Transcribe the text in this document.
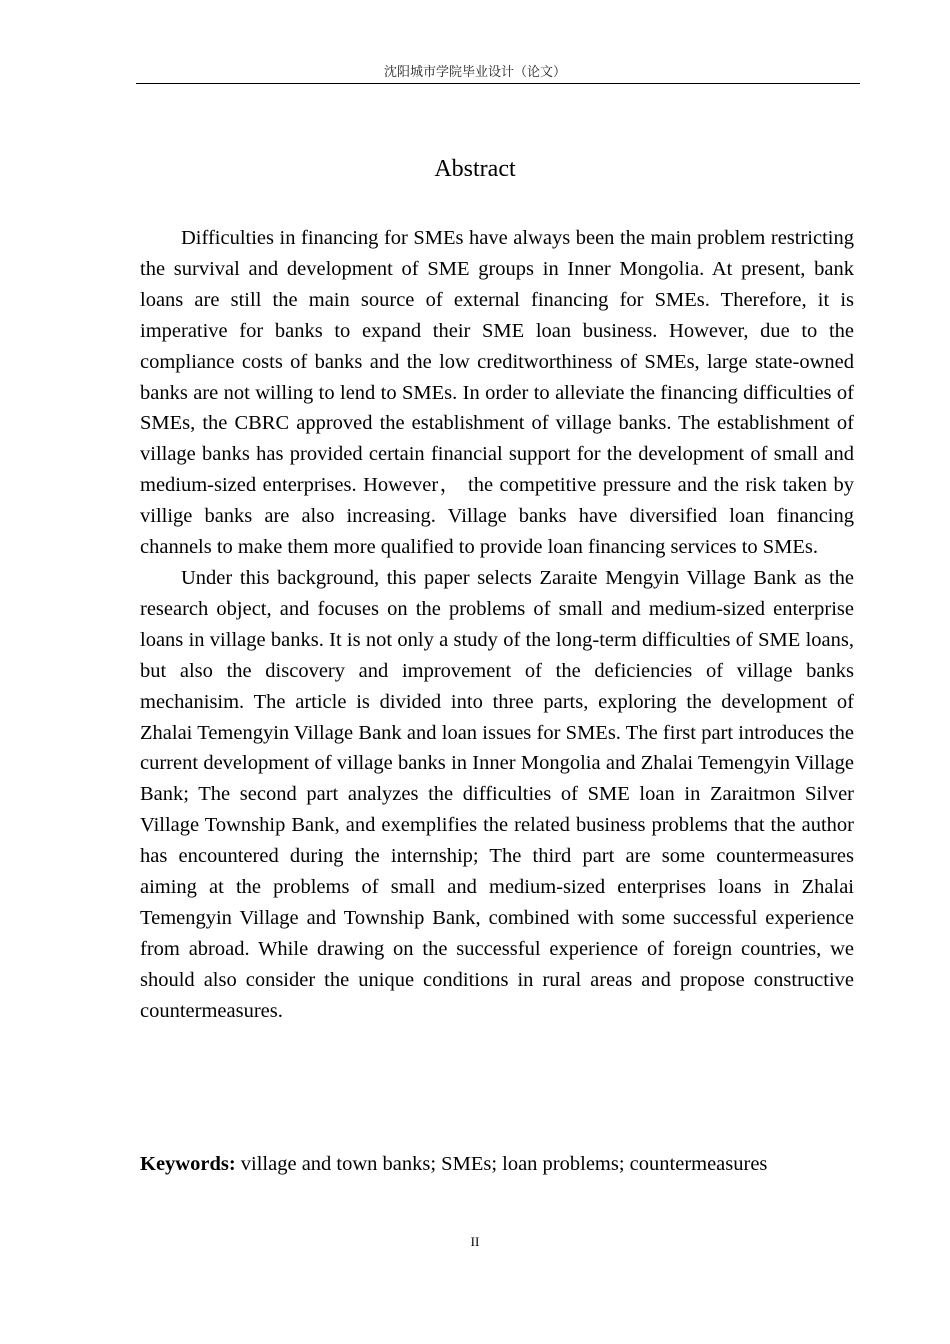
沈阳城市学院毕业设计（论文）
Abstract

Difficulties in financing for SMEs have always been the main problem restricting the survival and development of SME groups in Inner Mongolia. At present, bank loans are still the main source of external financing for SMEs. Therefore, it is imperative for banks to expand their SME loan business. However, due to the compliance costs of banks and the low creditworthiness of SMEs, large state-owned banks are not willing to lend to SMEs. In order to alleviate the financing difficulties of SMEs, the CBRC approved the establishment of village banks. The establishment of village banks has provided certain financial support for the development of small and medium-sized enterprises. However， the competitive pressure and the risk taken by villige banks are also increasing. Village banks have diversified loan financing channels to make them more qualified to provide loan financing services to SMEs.

Under this background, this paper selects Zaraite Mengyin Village Bank as the research object, and focuses on the problems of small and medium-sized enterprise loans in village banks. It is not only a study of the long-term difficulties of SME loans, but also the discovery and improvement of the deficiencies of village banks mechanisim. The article is divided into three parts, exploring the development of Zhalai Temengyin Village Bank and loan issues for SMEs. The first part introduces the current development of village banks in Inner Mongolia and Zhalai Temengyin Village Bank; The second part analyzes the difficulties of SME loan in Zaraitmon Silver Village Township Bank, and exemplifies the related business problems that the author has encountered during the internship; The third part are some countermeasures aiming at the problems of small and medium-sized enterprises loans in Zhalai Temengyin Village and Township Bank, combined with some successful experience from abroad. While drawing on the successful experience of foreign countries, we should also consider the unique conditions in rural areas and propose constructive countermeasures.

Keywords: village and town banks; SMEs; loan problems; countermeasures
II
